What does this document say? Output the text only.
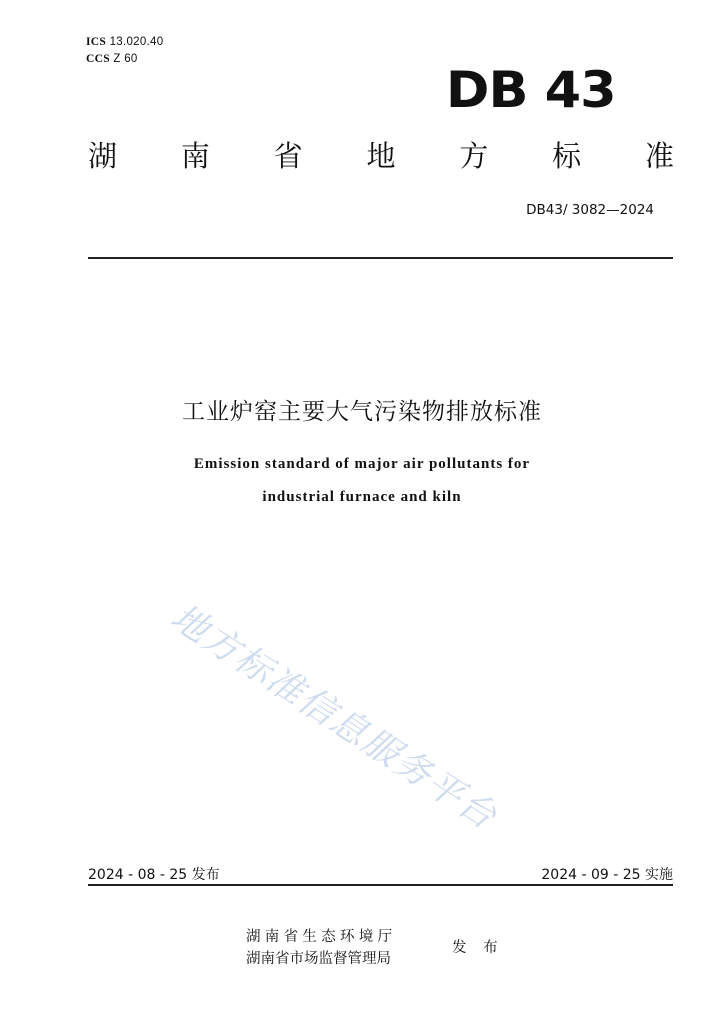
ICS 13.020.40
CCS Z 60
DB 43
湖 南 省 地 方 标 准
DB43/ 3082—2024
工业炉窑主要大气污染物排放标准
Emission standard of major air pollutants for
industrial furnace and kiln
地方标准信息服务平台
2024 - 08 - 25 发布	2024 - 09 - 25 实施
湖南省生态环境厅
湖南省市场监督管理局
发 布
